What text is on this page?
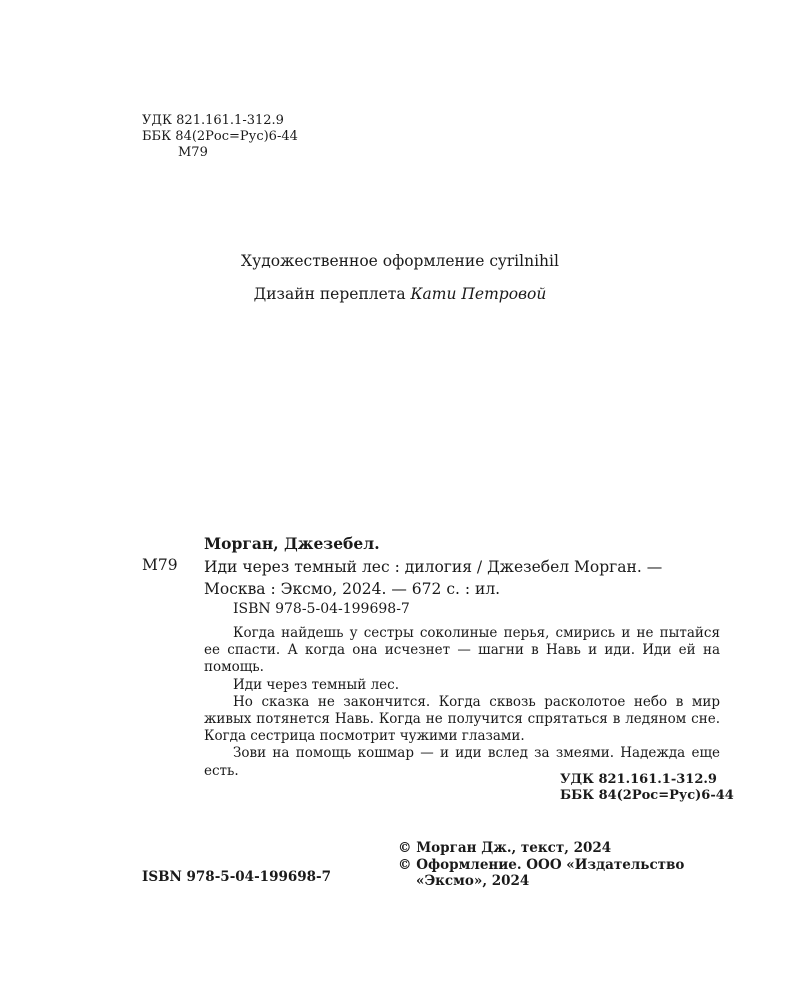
УДК 821.161.1-312.9
ББК 84(2Рос=Рус)6-44
М79
Художественное оформление cyrilnihil
Дизайн переплета Кати Петровой
Морган, Джезебел.
М79 Иди через темный лес : дилогия / Джезебел Морган. —
Москва : Эксмо, 2024. — 672 с. : ил.
ISBN 978-5-04-199698-7

Когда найдешь у сестры соколиные перья, смирись и не пытайся ее спасти. А когда она исчезнет — шагни в Навь и иди. Иди ей на помощь.

Иди через темный лес.

Но сказка не закончится. Когда сквозь расколотое небо в мир живых потянется Навь. Когда не получится спрятаться в ледяном сне. Когда сестрица посмотрит чужими глазами.

Зови на помощь кошмар — и иди вслед за змеями. Надежда еще есть.

УДК 821.161.1-312.9
ББК 84(2Рос=Рус)6-44
© Морган Дж., текст, 2024
© Оформление. ООО «Издательство
«Эксмо», 2024
ISBN 978-5-04-199698-7
